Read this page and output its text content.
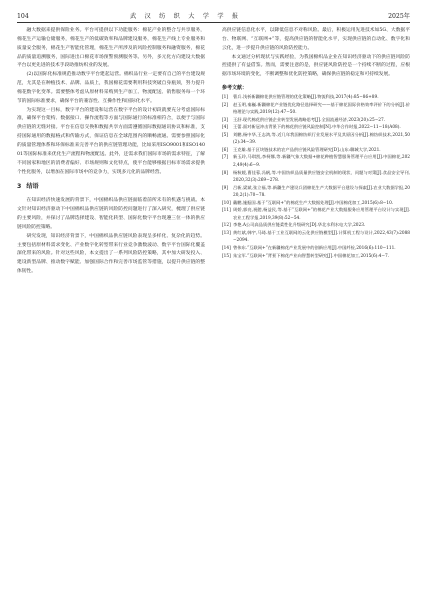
104	武 汉 纺 织 大 学 学 报	2025年

融大数据来提供保险业务。平台可提供以下功能服务：棉花产业的整合与共享服务，棉花生产运输仓储服务，棉花生产的低碳效率和品牌建设服务，棉花生产线上专业服务和质量安全服务，棉花生产智能化管理，棉花生产所涉及的风险控制服务和融资服务，棉花品的质量追溯服务，国际进出口棉花市场预警预测服务等。另外，多元化方向建设大数据平台以更先进的技术手段助推纺织业的发展。

(2)以国际化标准规范推动数字平台建起运营。棉织品行业一定要有自己的平台建设规范，尤其是在种植技术、品牌、品质上，我国棉花需要利用科技突破自身瓶颈，努力提升棉花数字化变革。需要整体考虑从原材料采购到生产加工、物流配送、销售服务每一个环节的国际标准要求，确保平台的兼容性、互操作性和国际化水平。

为实现这一目标，数字平台的建设和运营在数字平台的设计初段就要充分考虑国际标准，确保平台架构、数据接口、操作流程等方面与国际通行的标准相符合，以便于与国际供应链的无缝对接。平台在信息交换和数据共享方面需遵循国际数据通讯协议和标准，支持国际通用的数据格式和传输方式，保证信息在全球范围内的顺畅流通。需要参照国际化的质量管理体系和环保标准来完善平台的供应链管理功能，比如采用ISO9001和ISO14001等国际标准来优化生产流程和物流配送。此外，还需求我们国际市场的需求特征，了解不同国家和地区的消费者偏好、市场规则和文化特点，使平台能够根据目标市场需求提供个性化服务，以增加在国际市场中的竞争力，实现多元化的品牌经营。

3 结语

在知识经济快速发展的背景下，中国棉织品供应链面临着前所未有的机遇与挑战。本文针对知识经济驱动下中国棉织品供应链的风险防控问题进行了深入研究，梳理了供应链的主要风险，并探讨了品牌选择建设、智能化转型、国际化数字平台现遵三位一体的供应链风险防控策略。

研究发现，知识经济背景下，中国棉织品供应链风险表现呈多样化、复杂化的趋势。主要包括原材料需求变化、产业数字化转型带来行业竞争激数波动、数字平台国际化覆盖深化带来的风险。针对这些风险，本文提出了一系列风险防控策略，其中加大研发投入、建设新型品牌、推动数字赋能、加强国际合作和完善市场监管等措施，以提升供应链的整体韧性。

高供应链信息化水平，以降低信息不对称风险。最后，积极运用先进技术如5G、大数据平台、物联网、“互联网+”等，提高供应链的智能化水平，实现供应链的自动化、数字化和云化，进一步提升供应链的风险防控能力。

本文通过分析现状与实践经验，为我国棉织品企业在知识经济驱动下的供应链风险防控提供了有益借鉴。然而，需要注意的是，供应链风险防控是一个持续不断的过程，应根据市场环境的变化，不断调整和优化防控策略，确保供应链的稳定和可持续发展。

参考文献：
[1]	曹兵.浅析新疆棉花供应链管理的优化策略[J].物流科技,2017(4):85−86+89.
[2]	赵玉明,秦巍.新疆棉花产业链优化路径选择研究——基于棉花国际价格效率评价下的分析[J].价格理论与实践,2019(12):47−50.
[3]	王舒.现代棉花供应链企业转型发展战略思考[J].全国流通经济,2023(20):25−27.
[4]	王蕾.面对新冠冲击背景下的棉花供应链风险控制[N].中华合作时报,2022−11−18(A08).
[5]	刘鹏,杨中华,王志鸿,等.近几年我国棉纺织行业发展水平及其原因分析[J].棉纺织技术,2021,50(2):34−39.
[6]	王克雄.基于区块链技术的农产品供应链风险管理研究[D].山东:聊城大学,2021.
[7]	新玉玲,马琪凯,李柯娜,等.新疆气象大数据+棉花种植智慧服务管理平台应用[J].中国棉花,2022,49(4):6−9.
[8]	杨秋媛,曹佳蓉,冯帆,等.中国纺织品质量供应链安全机制的现状、问题与对策[J].食品安全导刊,2020,32(3):269−278.
[9]	吕新,梁斌,张立福,等.新疆生产建设兵团棉花生产大数据平台建设与探索[J].农业大数据学报,2020,2(1):70−78.
[10] 戴鹏,施振国.基于“互联网+”的棉花生产大数据处理[J].中国棉花加工,2015(6):8−10.
[11] 周娇,郭亮,祝懿,杨益民,等.基于“互联网+”的棉花产业大数据服务应用管理平台设计与实现[J].农业工程学报,2019,39(8):52−54.
[12] 李艳.A公司高品质供应链柔性化升级研究[D].华北水利水电大学,2023.
[13] 黄红斌,韩宇,马琦.基于工业互联网的云化供应链模型[J].计算机工程与设计,2022,43(7):2088−2094.
[14] 曾伟东.“互联网+”在新疆棉花产业发展中的创新应用[J].中国纤检,2016(6):110−111.
[15] 朱宝军.“互联网+”背景下棉花产业向智慧转型研究[J].中国棉花加工,2015(6):4−7.
